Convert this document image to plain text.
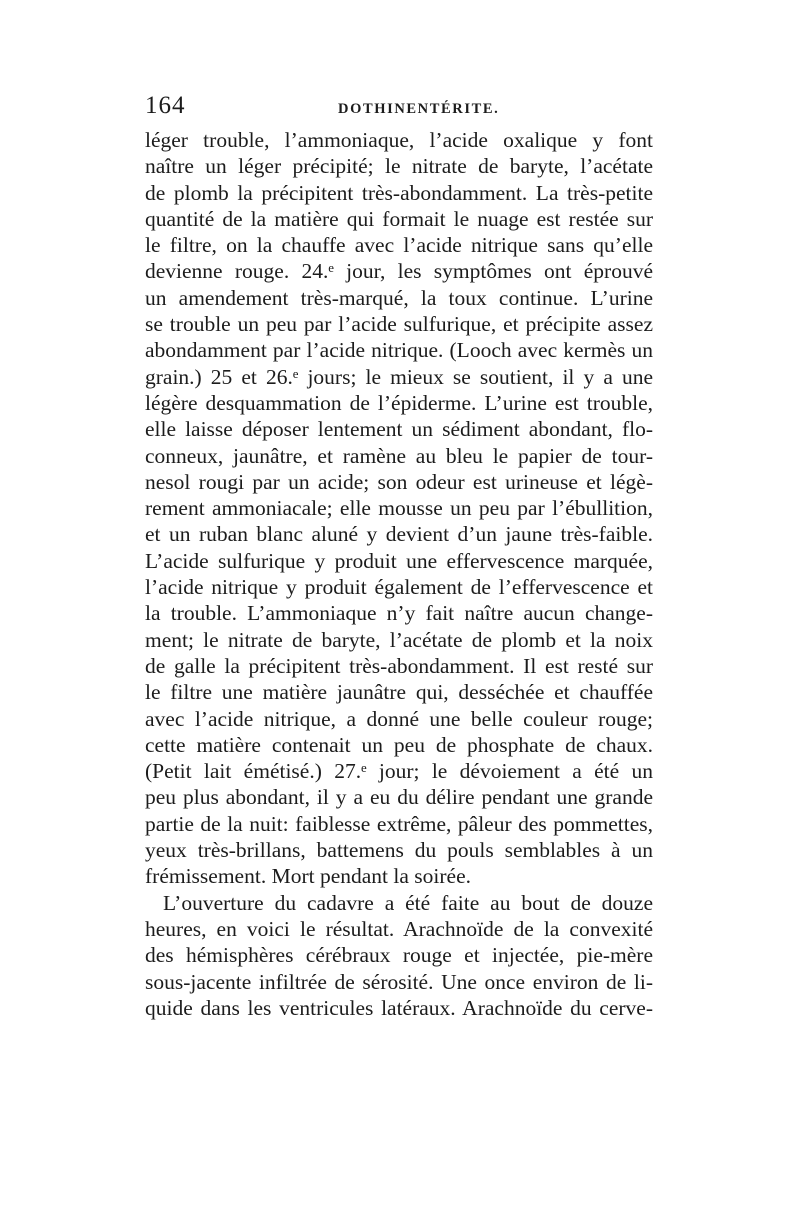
164	DOTHINENTÉRITE.
léger trouble, l’ammoniaque, l’acide oxalique y font
naître un léger précipité; le nitrate de baryte, l’acétate
de plomb la précipitent très-abondamment. La très-petite
quantité de la matière qui formait le nuage est restée sur
le filtre, on la chauffe avec l’acide nitrique sans qu’elle
devienne rouge. 24.ᵉ jour, les symptômes ont éprouvé
un amendement très-marqué, la toux continue. L’urine
se trouble un peu par l’acide sulfurique, et précipite assez
abondamment par l’acide nitrique. (Looch avec kermès un
grain.) 25 et 26.ᵉ jours; le mieux se soutient, il y a une
légère desquammation de l’épiderme. L’urine est trouble,
elle laisse déposer lentement un sédiment abondant, flo-
conneux, jaunâtre, et ramène au bleu le papier de tour-
nesol rougi par un acide; son odeur est urineuse et légè-
rement ammoniacale; elle mousse un peu par l’ébullition,
et un ruban blanc aluné y devient d’un jaune très-faible.
L’acide sulfurique y produit une effervescence marquée,
l’acide nitrique y produit également de l’effervescence et
la trouble. L’ammoniaque n’y fait naître aucun change-
ment; le nitrate de baryte, l’acétate de plomb et la noix
de galle la précipitent très-abondamment. Il est resté sur
le filtre une matière jaunâtre qui, desséchée et chauffée
avec l’acide nitrique, a donné une belle couleur rouge;
cette matière contenait un peu de phosphate de chaux.
(Petit lait émétisé.) 27.ᵉ jour; le dévoiement a été un
peu plus abondant, il y a eu du délire pendant une grande
partie de la nuit: faiblesse extrême, pâleur des pommettes,
yeux très-brillans, battemens du pouls semblables à un
frémissement. Mort pendant la soirée.
L’ouverture du cadavre a été faite au bout de douze
heures, en voici le résultat. Arachnoïde de la convexité
des hémisphères cérébraux rouge et injectée, pie-mère
sous-jacente infiltrée de sérosité. Une once environ de li-
quide dans les ventricules latéraux. Arachnoïde du cerve-
